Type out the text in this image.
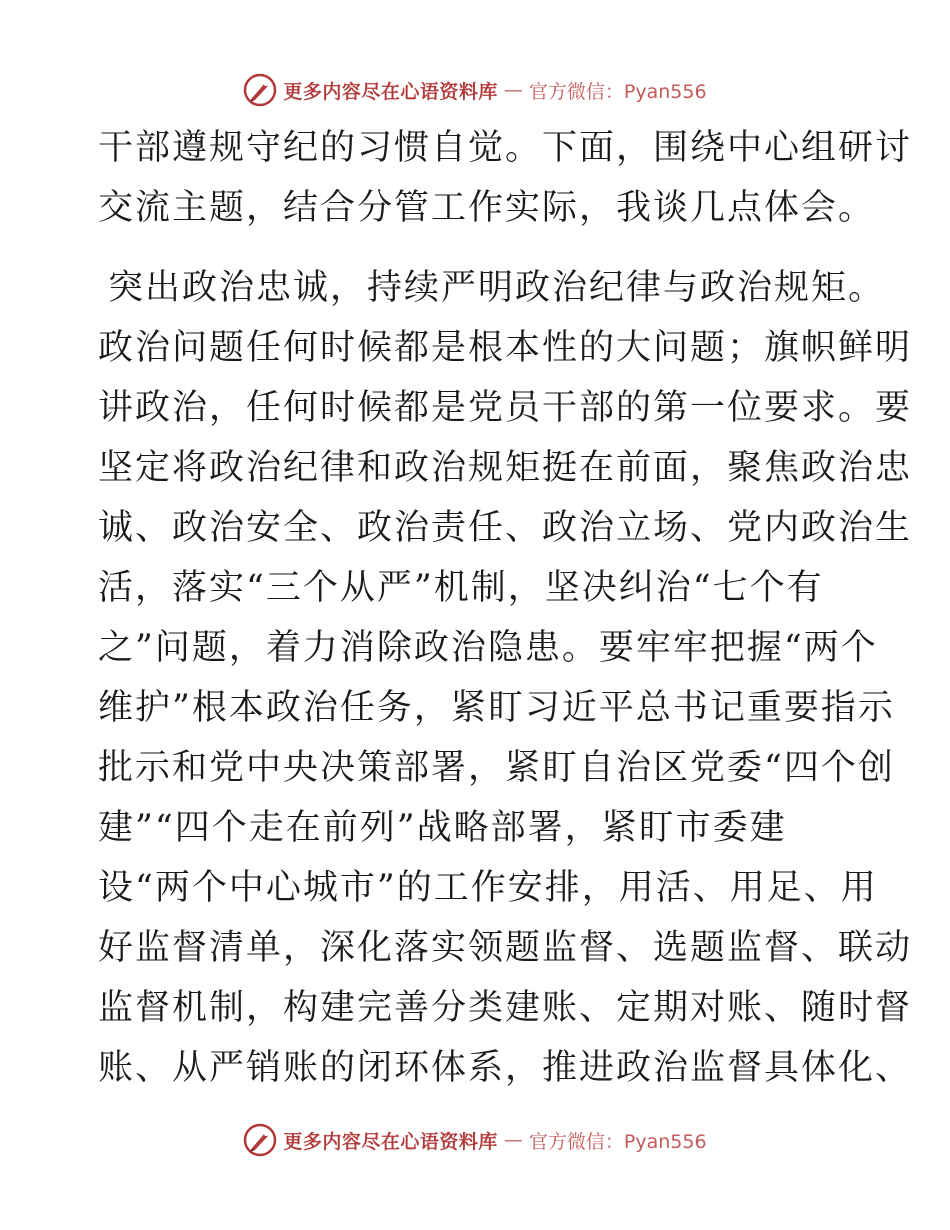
更多内容尽在心语资料库 — 官方微信：Pyan556
干部遵规守纪的习惯自觉。下面，围绕中心组研讨
交流主题，结合分管工作实际，我谈几点体会。
突出政治忠诚，持续严明政治纪律与政治规矩。
政治问题任何时候都是根本性的大问题；旗帜鲜明
讲政治，任何时候都是党员干部的第一位要求。要
坚定将政治纪律和政治规矩挺在前面，聚焦政治忠
诚、政治安全、政治责任、政治立场、党内政治生
活，落实“三个从严”机制，坚决纠治“七个有
之”问题，着力消除政治隐患。要牢牢把握“两个
维护”根本政治任务，紧盯习近平总书记重要指示
批示和党中央决策部署，紧盯自治区党委“四个创
建”“四个走在前列”战略部署，紧盯市委建
设“两个中心城市”的工作安排，用活、用足、用
好监督清单，深化落实领题监督、选题监督、联动
监督机制，构建完善分类建账、定期对账、随时督
账、从严销账的闭环体系，推进政治监督具体化、
更多内容尽在心语资料库 — 官方微信：Pyan556
